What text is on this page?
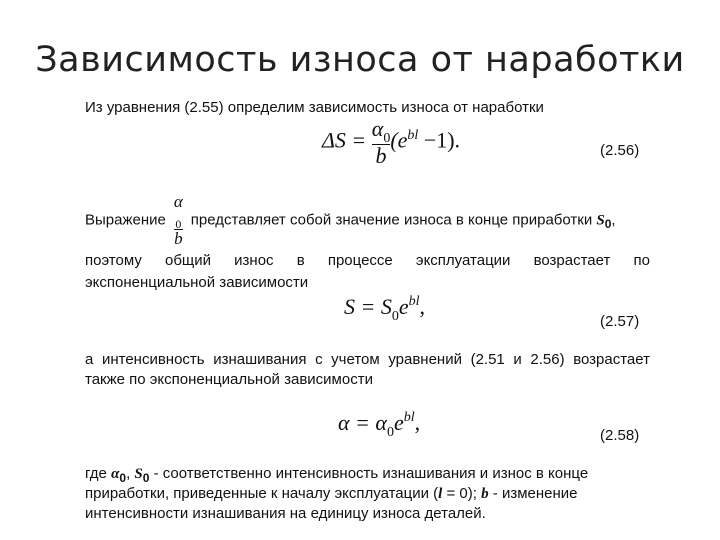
Зависимость износа от наработки
Из уравнения (2.55) определим зависимость износа от наработки
$\Delta S = \frac{\alpha_0}{b} (e^{bl} -1)$.	(2.56)
Выражение α
0
b представляет собой значение износа в конце приработки $S_0$,
поэтому общий износ в процессе эксплуатации возрастает по
экспоненциальной зависимости
$S = S_0e^{bl}$,
(2.57)
а интенсивность изнашивания с учетом уравнений (2.51 и 2.56) возрастает
также по экспоненциальной зависимости
$\alpha = \alpha_0e^{bl}$,
(2.58)
где $\alpha_0$, $S_0$ - соответственно интенсивность изнашивания и износ в конце
приработки, приведенные к началу эксплуатации (l = 0); b - изменение
интенсивности изнашивания на единицу износа деталей.
